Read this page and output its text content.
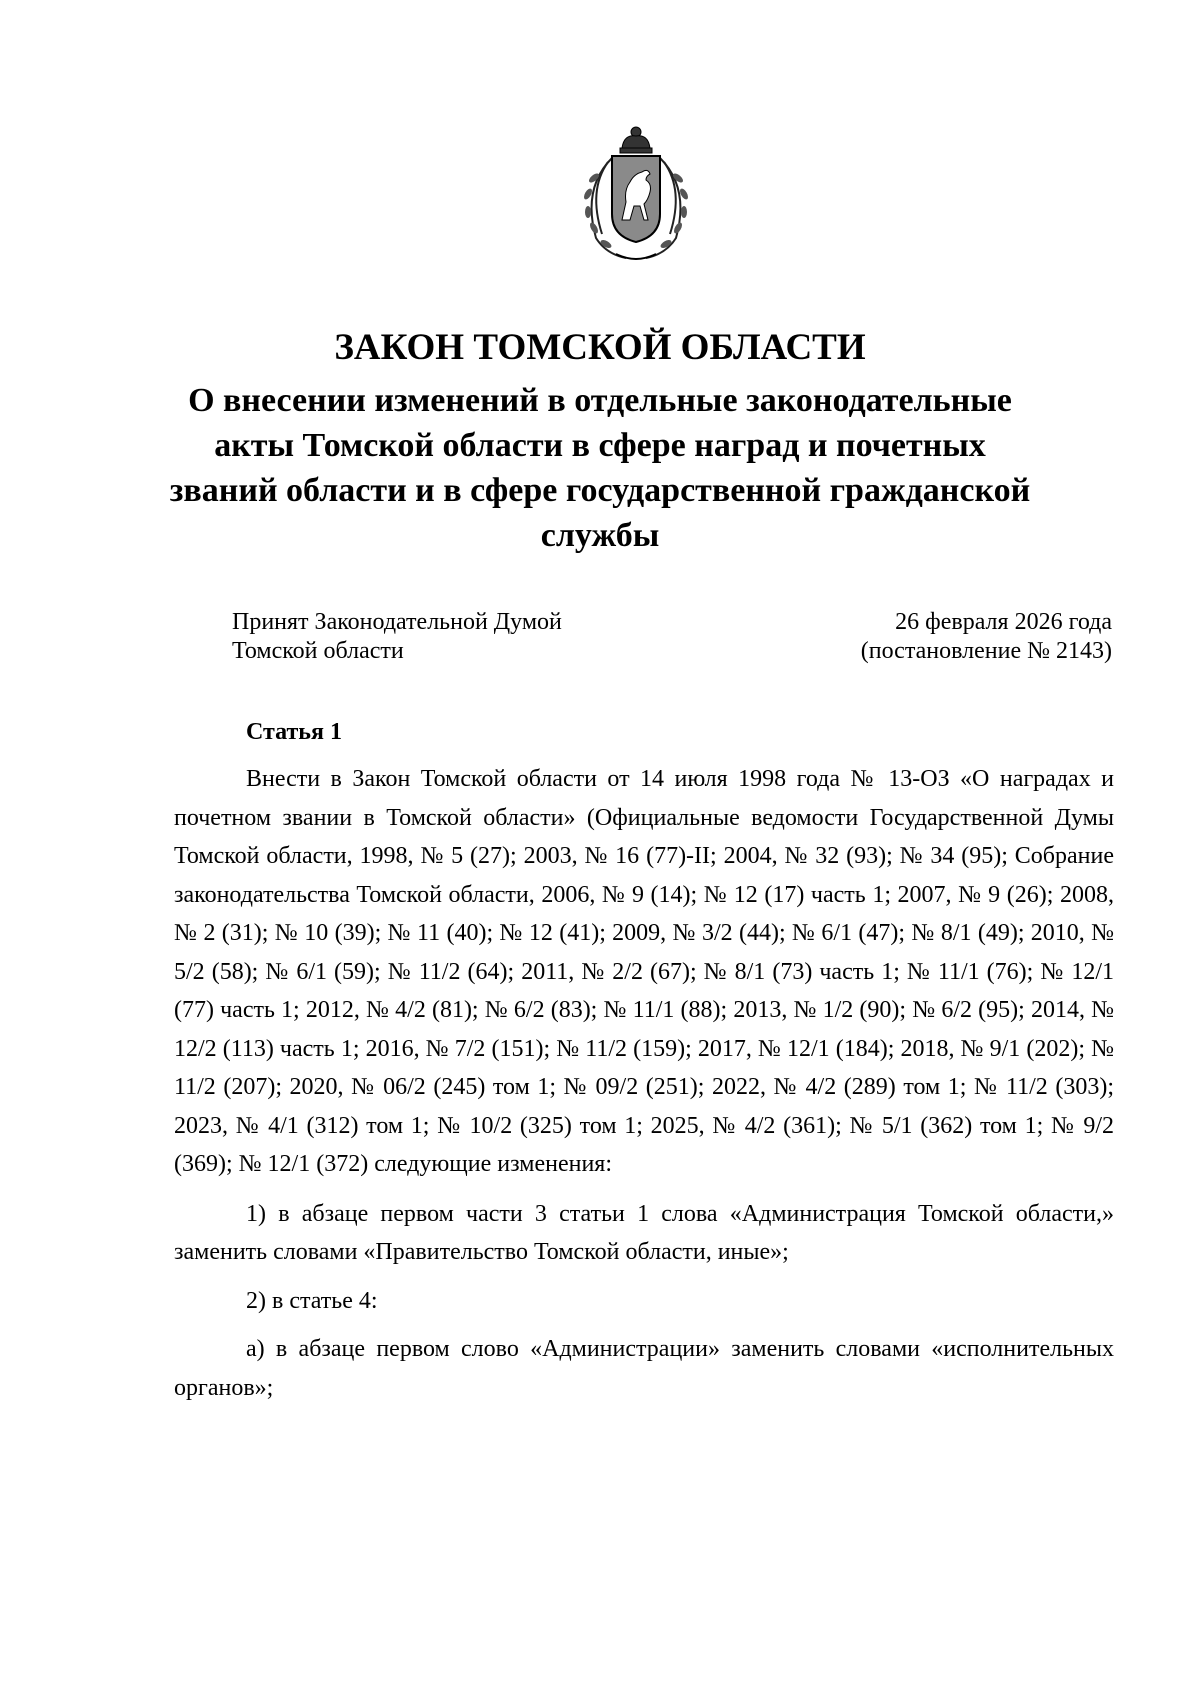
ЗАКОН ТОМСКОЙ ОБЛАСТИ
О внесении изменений в отдельные законодательные акты Томской области в сфере наград и почетных званий области и в сфере государственной гражданской службы
Принят Законодательной Думой
Томской области
26 февраля 2026 года
(постановление № 2143)
Статья 1

Внести в Закон Томской области от 14 июля 1998 года № 13-ОЗ «О наградах и почетном звании в Томской области» (Официальные ведомости Государственной Думы Томской области, 1998, № 5 (27); 2003, № 16 (77)-II; 2004, № 32 (93); № 34 (95); Собрание законодательства Томской области, 2006, № 9 (14); № 12 (17) часть 1; 2007, № 9 (26); 2008, № 2 (31); № 10 (39); № 11 (40); № 12 (41); 2009, № 3/2 (44); № 6/1 (47); № 8/1 (49); 2010, № 5/2 (58); № 6/1 (59); № 11/2 (64); 2011, № 2/2 (67); № 8/1 (73) часть 1; № 11/1 (76); № 12/1 (77) часть 1; 2012, № 4/2 (81); № 6/2 (83); № 11/1 (88); 2013, № 1/2 (90); № 6/2 (95); 2014, № 12/2 (113) часть 1; 2016, № 7/2 (151); № 11/2 (159); 2017, № 12/1 (184); 2018, № 9/1 (202); № 11/2 (207); 2020, № 06/2 (245) том 1; № 09/2 (251); 2022, № 4/2 (289) том 1; № 11/2 (303); 2023, № 4/1 (312) том 1; № 10/2 (325) том 1; 2025, № 4/2 (361); № 5/1 (362) том 1; № 9/2 (369); № 12/1 (372) следующие изменения:

1) в абзаце первом части 3 статьи 1 слова «Администрация Томской области,» заменить словами «Правительство Томской области, иные»;

2) в статье 4:

а) в абзаце первом слово «Администрации» заменить словами «исполнительных органов»;
